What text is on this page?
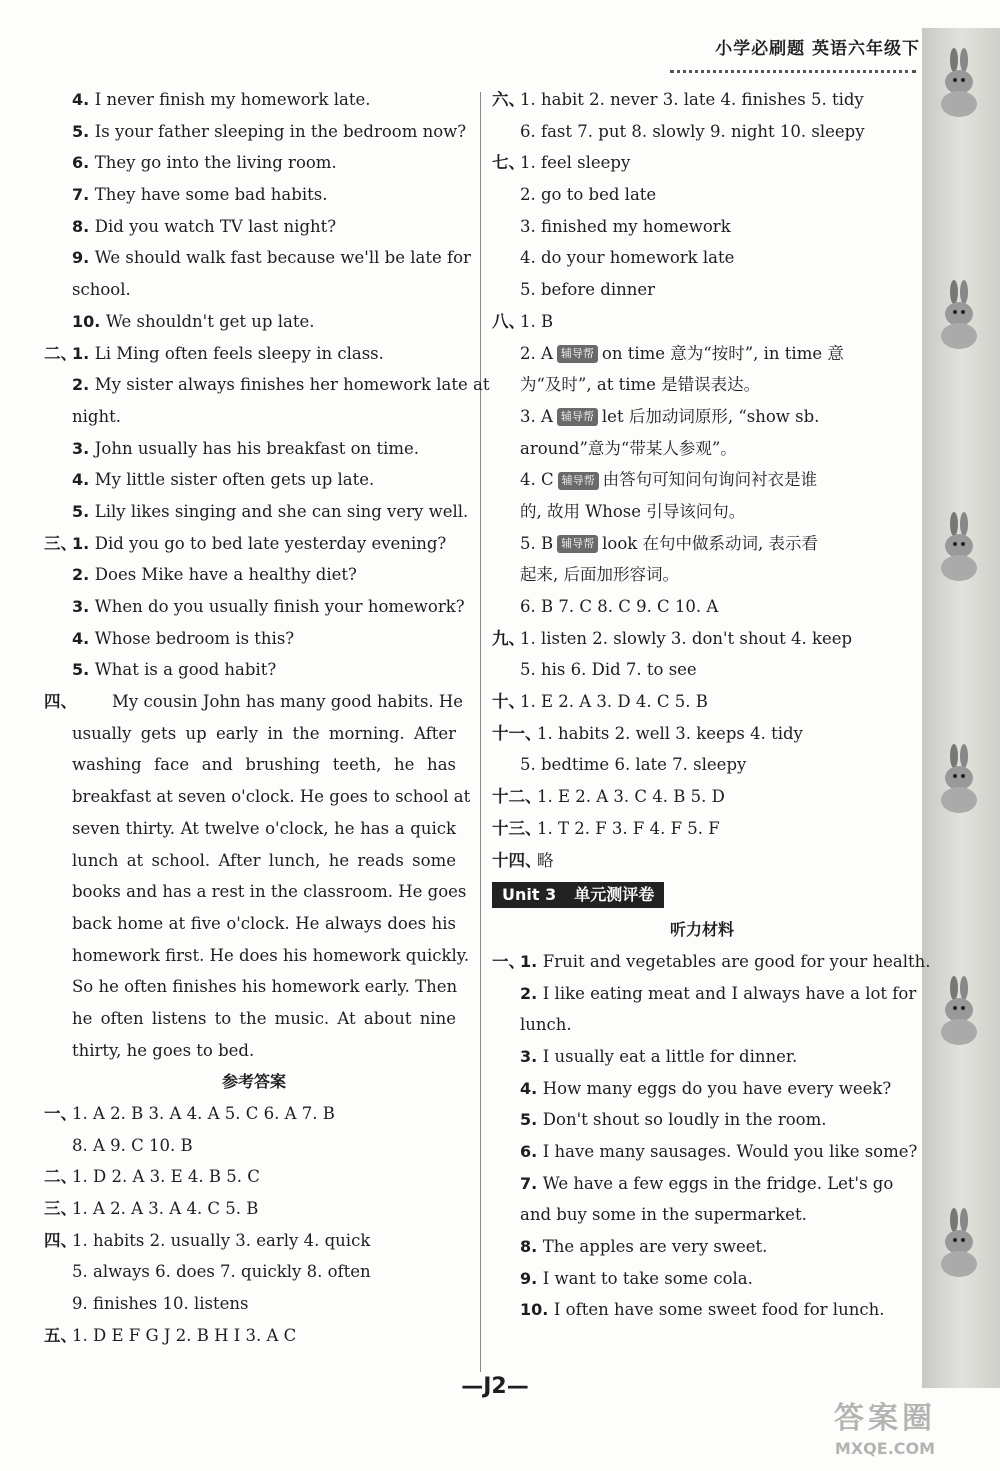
小学必刷题 英语六年级下
4. I never finish my homework late.
5. Is your father sleeping in the bedroom now?
6. They go into the living room.
7. They have some bad habits.
8. Did you watch TV last night?
9. We should walk fast because we'll be late for
school.
10. We shouldn't get up late.
二、1. Li Ming often feels sleepy in class.
2. My sister always finishes her homework late at
night.
3. John usually has his breakfast on time.
4. My little sister often gets up late.
5. Lily likes singing and she can sing very well.
三、1. Did you go to bed late yesterday evening?
2. Does Mike have a healthy diet?
3. When do you usually finish your homework?
4. Whose bedroom is this?
5. What is a good habit?
四、 My cousin John has many good habits. He
usually gets up early in the morning. After
washing face and brushing teeth, he has
breakfast at seven o'clock. He goes to school at
seven thirty. At twelve o'clock, he has a quick
lunch at school. After lunch, he reads some
books and has a rest in the classroom. He goes
back home at five o'clock. He always does his
homework first. He does his homework quickly.
So he often finishes his homework early. Then
he often listens to the music. At about nine
thirty, he goes to bed.
参考答案
一、1. A 2. B 3. A 4. A 5. C 6. A 7. B
8. A 9. C 10. B
二、1. D 2. A 3. E 4. B 5. C
三、1. A 2. A 3. A 4. C 5. B
四、1. habits 2. usually 3. early 4. quick
5. always 6. does 7. quickly 8. often
9. finishes 10. listens
五、1. D E F G J 2. B H I 3. A C
六、1. habit 2. never 3. late 4. finishes 5. tidy
6. fast 7. put 8. slowly 9. night 10. sleepy
七、1. feel sleepy
2. go to bed late
3. finished my homework
4. do your homework late
5. before dinner
八、1. B
2. A 辅导帮 on time 意为“按时”, in time 意
为“及时”, at time 是错误表达。
3. A 辅导帮 let 后加动词原形, “show sb.
around”意为“带某人参观”。
4. C 辅导帮 由答句可知问句询问衬衣是谁
的, 故用 Whose 引导该问句。
5. B 辅导帮 look 在句中做系动词, 表示看
起来, 后面加形容词。
6. B 7. C 8. C 9. C 10. A
九、1. listen 2. slowly 3. don't shout 4. keep
5. his 6. Did 7. to see
十、1. E 2. A 3. D 4. C 5. B
十一、1. habits 2. well 3. keeps 4. tidy
5. bedtime 6. late 7. sleepy
十二、1. E 2. A 3. C 4. B 5. D
十三、1. T 2. F 3. F 4. F 5. F
十四、略
Unit 3 单元测评卷
听力材料
一、1. Fruit and vegetables are good for your health.
2. I like eating meat and I always have a lot for
lunch.
3. I usually eat a little for dinner.
4. How many eggs do you have every week?
5. Don't shout so loudly in the room.
6. I have many sausages. Would you like some?
7. We have a few eggs in the fridge. Let's go
and buy some in the supermarket.
8. The apples are very sweet.
9. I want to take some cola.
10. I often have some sweet food for lunch.
—J2—
答案圈
MXQE.COM
